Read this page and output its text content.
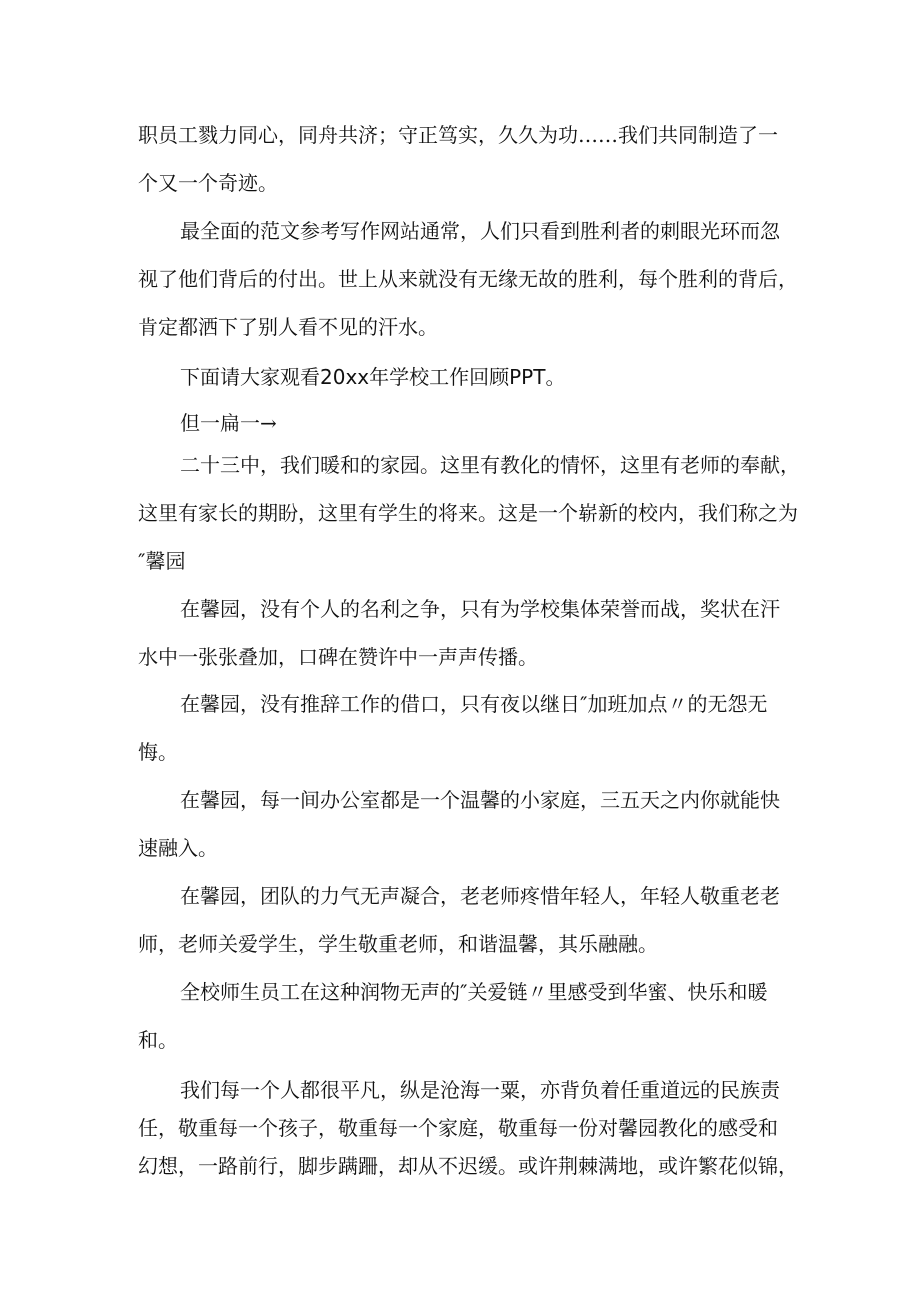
职员工戮力同心，同舟共济；守正笃实，久久为功……我们共同制造了一
个又一个奇迹。

最全面的范文参考写作网站通常，人们只看到胜利者的刺眼光环而忽
视了他们背后的付出。世上从来就没有无缘无故的胜利，每个胜利的背后，
肯定都洒下了别人看不见的汗水。

下面请大家观看20xx年学校工作回顾PPT。

但一扁一→

二十三中，我们暖和的家园。这里有教化的情怀，这里有老师的奉献，
这里有家长的期盼，这里有学生的将来。这是一个崭新的校内，我们称之为
″馨园

在馨园，没有个人的名利之争，只有为学校集体荣誉而战，奖状在汗
水中一张张叠加，口碑在赞许中一声声传播。

在馨园，没有推辞工作的借口，只有夜以继日″加班加点〃的无怨无
悔。

在馨园，每一间办公室都是一个温馨的小家庭，三五天之内你就能快
速融入。

在馨园，团队的力气无声凝合，老老师疼惜年轻人，年轻人敬重老老
师，老师关爱学生，学生敬重老师，和谐温馨，其乐融融。

全校师生员工在这种润物无声的″关爱链〃里感受到华蜜、快乐和暖
和。

我们每一个人都很平凡，纵是沧海一粟，亦背负着任重道远的民族责
任，敬重每一个孩子，敬重每一个家庭，敬重每一份对馨园教化的感受和
幻想，一路前行，脚步蹒跚，却从不迟缓。或许荆棘满地，或许繁花似锦，
